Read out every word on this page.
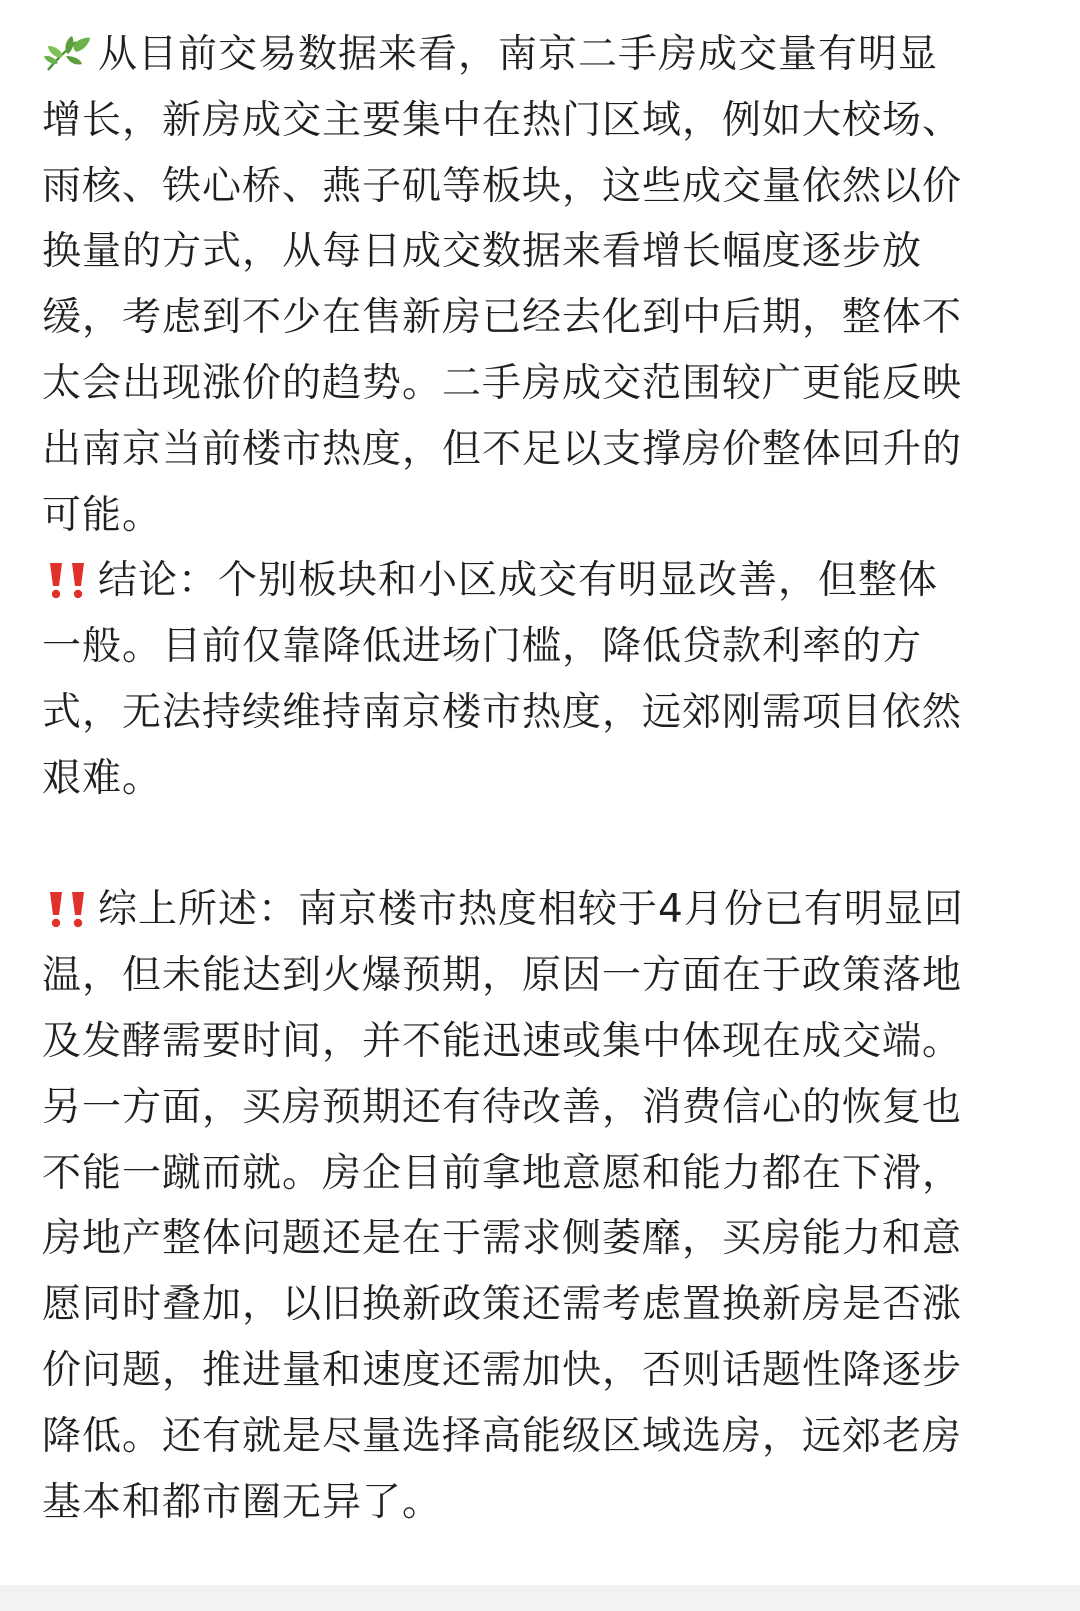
从目前交易数据来看，南京二手房成交量有明显
增长，新房成交主要集中在热门区域，例如大校场、
雨核、铁心桥、燕子矶等板块，这些成交量依然以价
换量的方式，从每日成交数据来看增长幅度逐步放
缓，考虑到不少在售新房已经去化到中后期，整体不
太会出现涨价的趋势。二手房成交范围较广更能反映
出南京当前楼市热度，但不足以支撑房价整体回升的
可能。
结论：个别板块和小区成交有明显改善，但整体
一般。目前仅靠降低进场门槛，降低贷款利率的方
式，无法持续维持南京楼市热度，远郊刚需项目依然
艰难。
综上所述：南京楼市热度相较于4月份已有明显回
温，但未能达到火爆预期，原因一方面在于政策落地
及发酵需要时间，并不能迅速或集中体现在成交端。
另一方面，买房预期还有待改善，消费信心的恢复也
不能一蹴而就。房企目前拿地意愿和能力都在下滑，
房地产整体问题还是在于需求侧萎靡，买房能力和意
愿同时叠加，以旧换新政策还需考虑置换新房是否涨
价问题，推进量和速度还需加快，否则话题性降逐步
降低。还有就是尽量选择高能级区域选房，远郊老房
基本和都市圈无异了。
